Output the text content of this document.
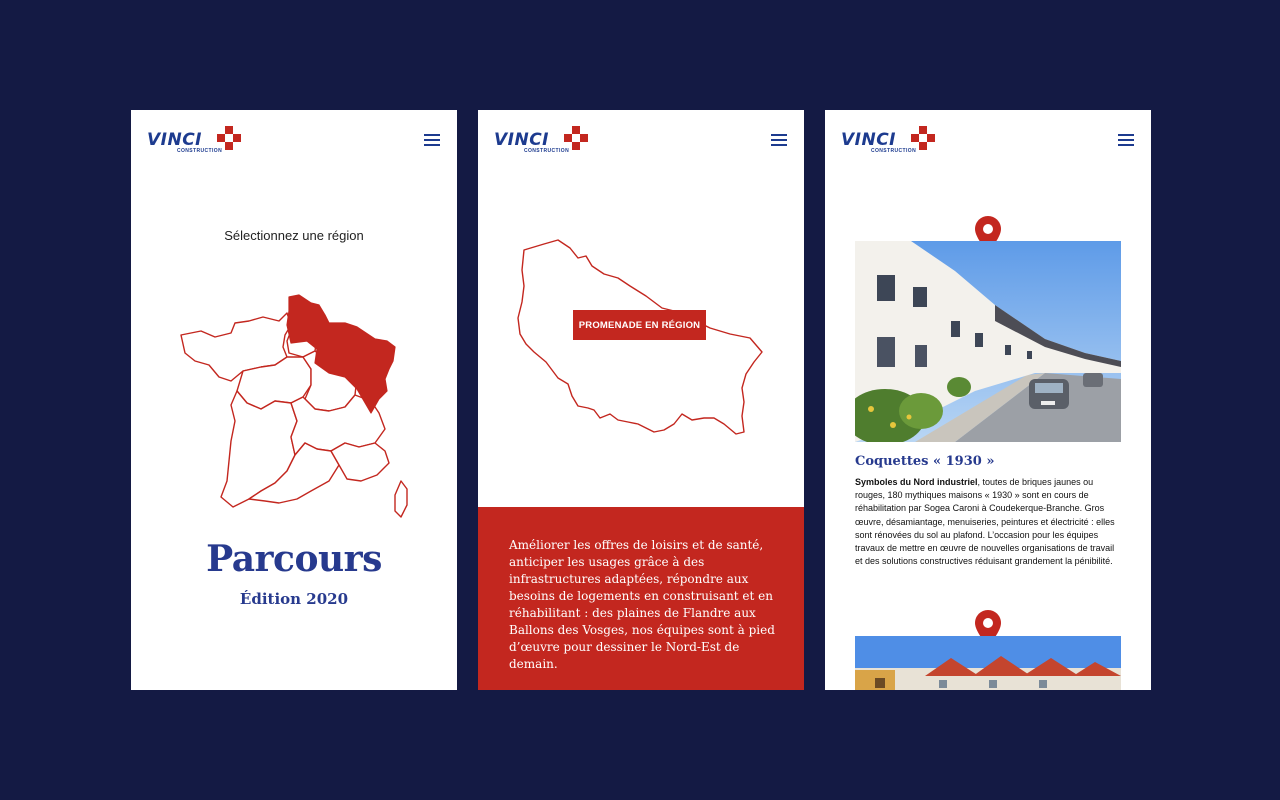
VINCI
CONSTRUCTION
Sélectionnez une région
Parcours
Édition 2020
VINCI
CONSTRUCTION
PROMENADE EN RÉGION
Améliorer les offres de loisirs et de santé, anticiper les usages grâce à des infrastructures adaptées, répondre aux besoins de logements en construisant et en réhabilitant : des plaines de Flandre aux Ballons des Vosges, nos équipes sont à pied d’œuvre pour dessiner le Nord-Est de demain.
VINCI
CONSTRUCTION
Coquettes « 1930 »
Symboles du Nord industriel, toutes de briques jaunes ou rouges, 180 mythiques maisons « 1930 » sont en cours de réhabilitation par Sogea Caroni à Coudekerque-Branche. Gros œuvre, désamiantage, menuiseries, peintures et électricité : elles sont rénovées du sol au plafond. L’occasion pour les équipes travaux de mettre en œuvre de nouvelles organisations de travail et des solutions constructives réduisant grandement la pénibilité.
